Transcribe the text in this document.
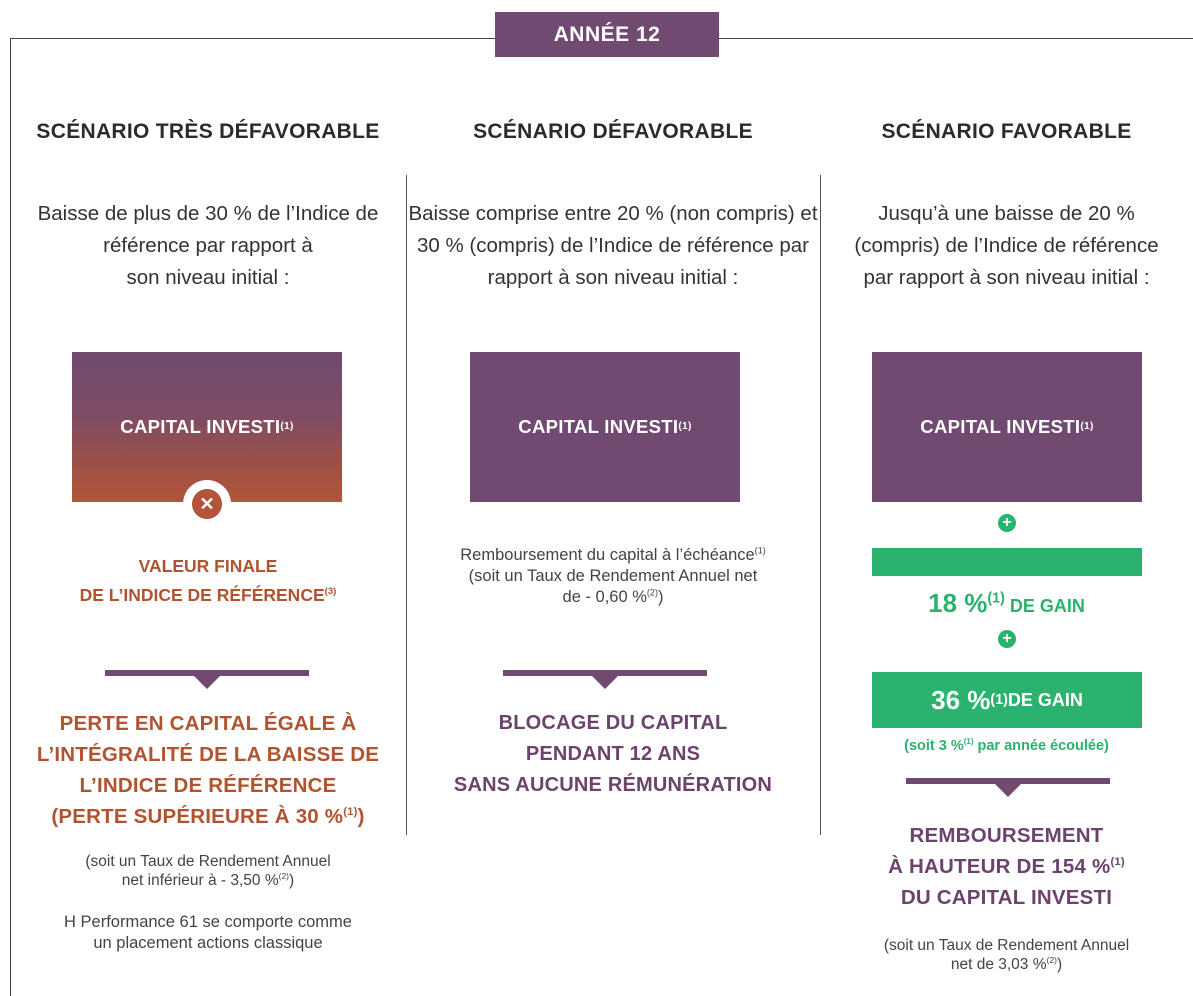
ANNÉE 12
SCÉNARIO TRÈS DÉFAVORABLE
Baisse de plus de 30 % de l’Indice de
référence par rapport à
son niveau initial :
CAPITAL INVESTI (1)
✕
VALEUR FINALE
DE L’INDICE DE RÉFÉRENCE$^{(3)}$
PERTE EN CAPITAL ÉGALE À
L’INTÉGRALITÉ DE LA BAISSE DE
L’INDICE DE RÉFÉRENCE
(PERTE SUPÉRIEURE À 30 %$^{(1)}$)
(soit un Taux de Rendement Annuel
net inférieur à - 3,50 %$^{(2)}$)
H Performance 61 se comporte comme
un placement actions classique
SCÉNARIO DÉFAVORABLE
Baisse comprise entre 20 % (non compris) et
30 % (compris) de l’Indice de référence par
rapport à son niveau initial :
CAPITAL INVESTI (1)
Remboursement du capital à l’échéance$^{(1)}$
(soit un Taux de Rendement Annuel net
de - 0,60 %$^{(2)}$)
BLOCAGE DU CAPITAL
PENDANT 12 ANS
SANS AUCUNE RÉMUNÉRATION
SCÉNARIO FAVORABLE
Jusqu’à une baisse de 20 %
(compris) de l’Indice de référence
par rapport à son niveau initial :
CAPITAL INVESTI (1)
+
18 %$^{(1)}$ DE GAIN
+
36 % (1) DE GAIN
(soit 3 %$^{(1)}$ par année écoulée)
REMBOURSEMENT
À HAUTEUR DE 154 %$^{(1)}$
DU CAPITAL INVESTI
(soit un Taux de Rendement Annuel
net de 3,03 %$^{(2)}$)
